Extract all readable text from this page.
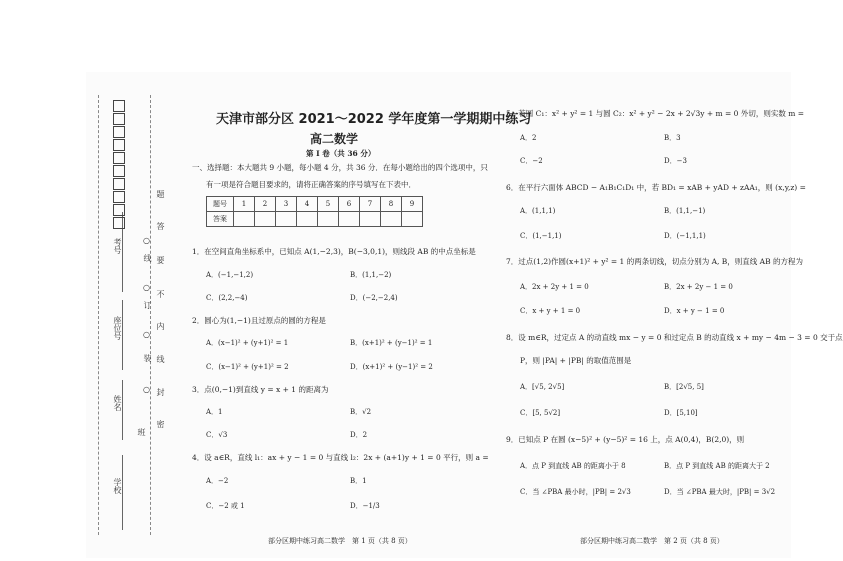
考号
座位号
姓名
班
学校
○
线
○
订
○
装
○
题
答
要
不
内
线
封
密
天津市部分区 2021～2022 学年度第一学期期中练习
高二数学
第 Ⅰ 卷（共 36 分）
一、选择题：本大题共 9 小题，每小题 4 分，共 36 分．在每小题给出的四个选项中，只
有一项是符合题目要求的，请将正确答案的序号填写在下表中．
题号	1	2	3	4	5	6	7	8	9
答案									
1．在空间直角坐标系中，已知点 A(1,−2,3)，B(−3,0,1)，则线段 AB 的中点坐标是
A．(−1,−1,2)	B．(1,1,−2)
C．(2,2,−4)	D．(−2,−2,4)
2．圆心为(1,−1)且过原点的圆的方程是
A．(x−1)² + (y+1)² = 1	B．(x+1)² + (y−1)² = 1
C．(x−1)² + (y+1)² = 2	D．(x+1)² + (y−1)² = 2
3．点(0,−1)到直线 y = x + 1 的距离为
A．1	B．√2
C．√3	D．2
4．设 a∈R，直线 l₁：ax + y − 1 = 0 与直线 l₂：2x + (a+1)y + 1 = 0 平行，则 a =
A．−2	B．1
C．−2 或 1	D．−1/3
部分区期中练习高二数学　第 1 页（共 8 页）
5．若圆 C₁：x² + y² = 1 与圆 C₂：x² + y² − 2x + 2√3y + m = 0 外切，则实数 m =
A．2	B．3
C．−2	D．−3
6．在平行六面体 ABCD − A₁B₁C₁D₁ 中，若 BD₁ = xAB + yAD + zAA₁，则 (x,y,z) =
A．(1,1,1)	B．(1,1,−1)
C．(1,−1,1)	D．(−1,1,1)
7．过点(1,2)作圆(x+1)² + y² = 1 的两条切线，切点分别为 A, B，则直线 AB 的方程为
A．2x + 2y + 1 = 0	B．2x + 2y − 1 = 0
C．x + y + 1 = 0	D．x + y − 1 = 0
8．设 m∈R，过定点 A 的动直线 mx − y = 0 和过定点 B 的动直线 x + my − 4m − 3 = 0 交于点
P，则 |PA| + |PB| 的取值范围是
A．[√5, 2√5]	B．[2√5, 5]
C．[5, 5√2]	D．[5,10]
9．已知点 P 在圆 (x−5)² + (y−5)² = 16 上，点 A(0,4)，B(2,0)，则
A．点 P 到直线 AB 的距离小于 8	B．点 P 到直线 AB 的距离大于 2
C．当 ∠PBA 最小时，|PB| = 2√3	D．当 ∠PBA 最大时，|PB| = 3√2
部分区期中练习高二数学　第 2 页（共 8 页）
